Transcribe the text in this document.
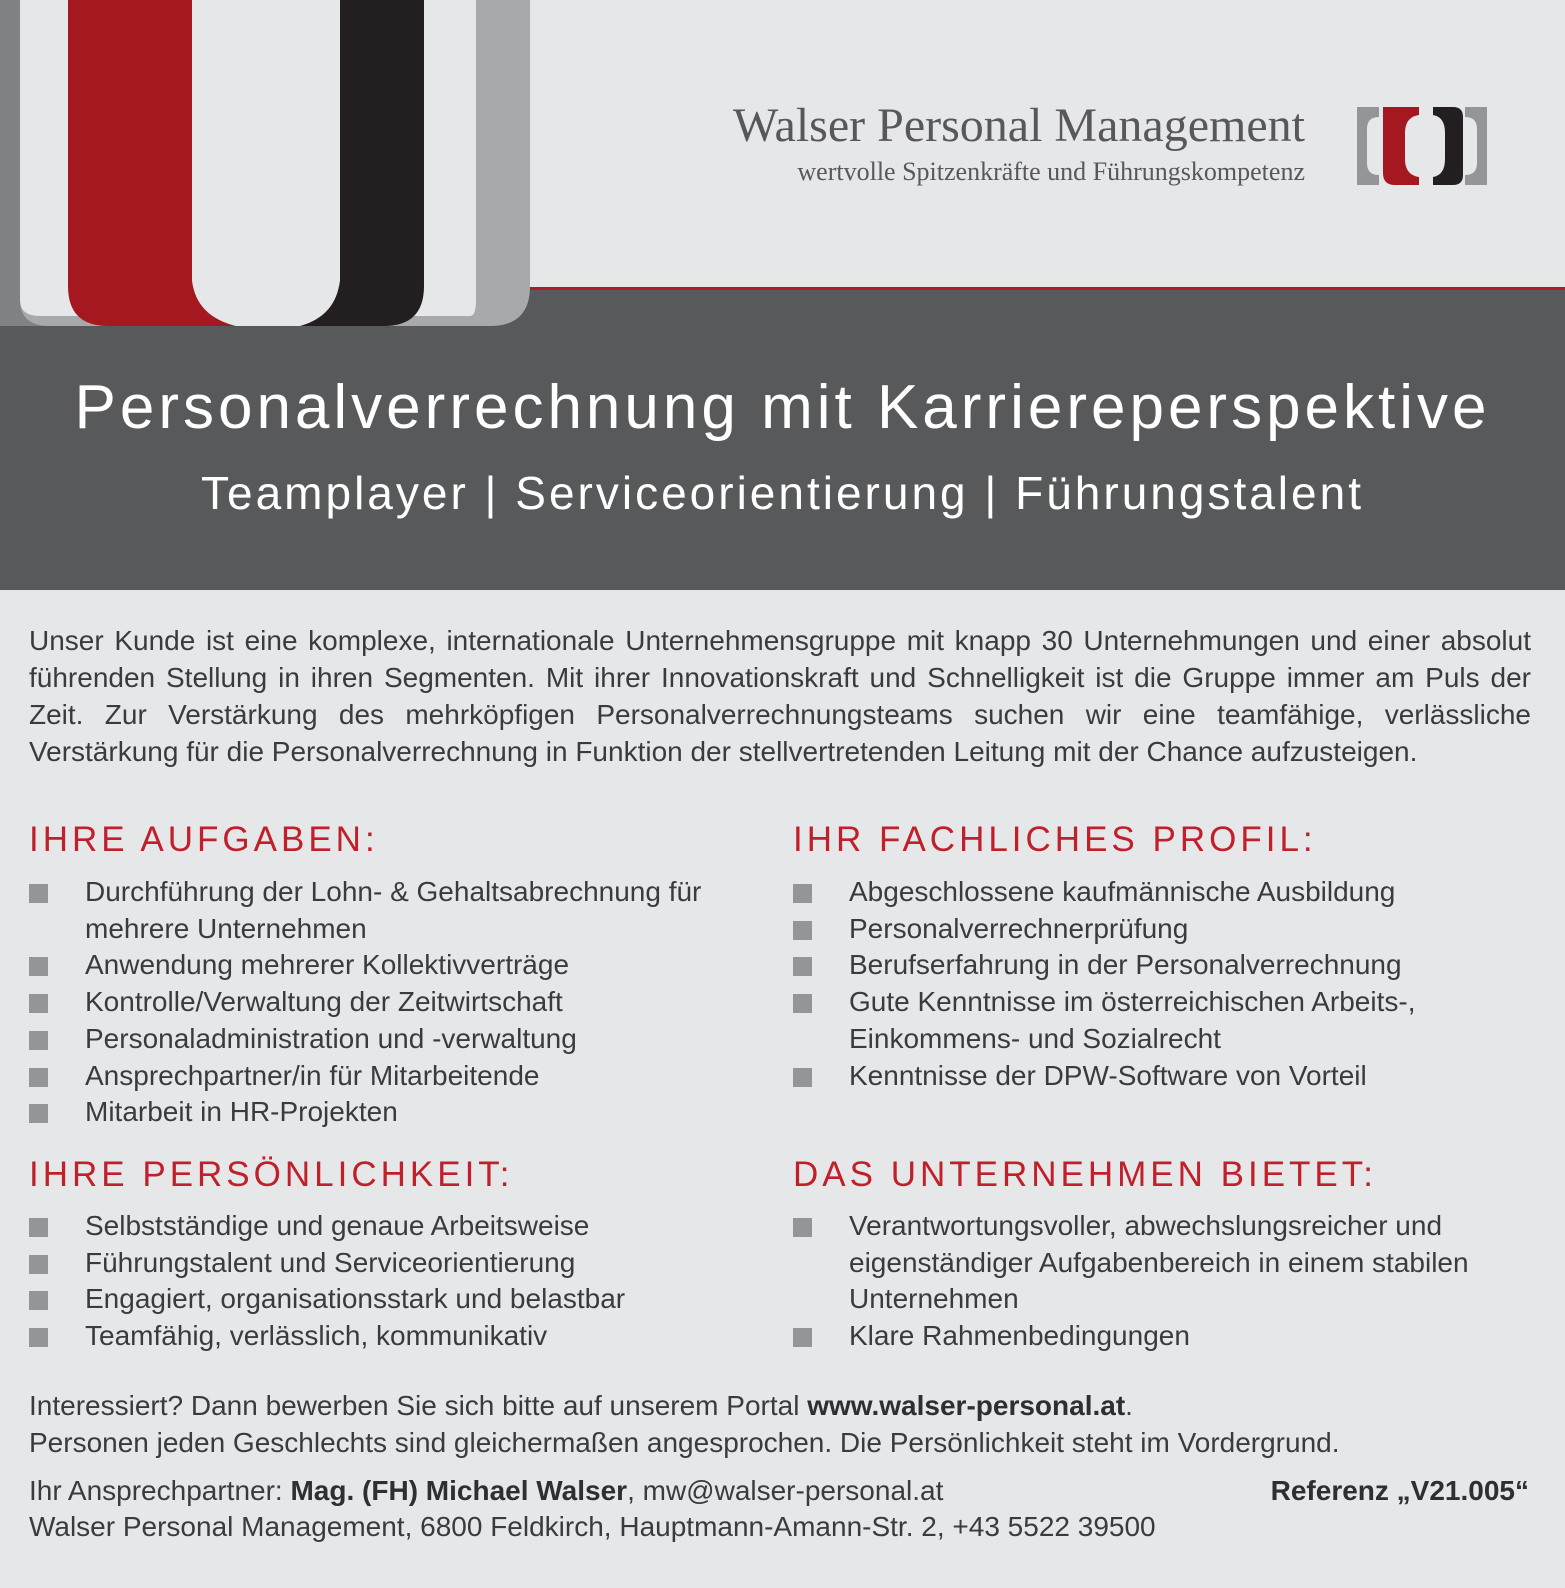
Walser Personal Management
wertvolle Spitzenkräfte und Führungskompetenz
Personalverrechnung mit Karriereperspektive
Teamplayer | Serviceorientierung | Führungstalent
Unser Kunde ist eine komplexe, internationale Unternehmensgruppe mit knapp 30 Unternehmungen und einer absolut führenden Stellung in ihren Segmenten. Mit ihrer Innovationskraft und Schnelligkeit ist die Gruppe immer am Puls der Zeit. Zur Verstärkung des mehrköpfigen Personalverrechnungsteams suchen wir eine teamfähige, verlässliche Verstärkung für die Personalverrechnung in Funktion der stellvertretenden Leitung mit der Chance aufzusteigen.
IHRE AUFGABEN:
Durchführung der Lohn- & Gehaltsabrechnung für mehrere Unternehmen
Anwendung mehrerer Kollektivverträge
Kontrolle/Verwaltung der Zeitwirtschaft
Personaladministration und -verwaltung
Ansprechpartner/in für Mitarbeitende
Mitarbeit in HR-Projekten
IHR FACHLICHES PROFIL:
Abgeschlossene kaufmännische Ausbildung
Personalverrechnerprüfung
Berufserfahrung in der Personalverrechnung
Gute Kenntnisse im österreichischen Arbeits-, Einkommens- und Sozialrecht
Kenntnisse der DPW-Software von Vorteil
IHRE PERSÖNLICHKEIT:
Selbstständige und genaue Arbeitsweise
Führungstalent und Serviceorientierung
Engagiert, organisationsstark und belastbar
Teamfähig, verlässlich, kommunikativ
DAS UNTERNEHMEN BIETET:
Verantwortungsvoller, abwechslungsreicher und eigenständiger Aufgabenbereich in einem stabilen Unternehmen
Klare Rahmenbedingungen
Interessiert? Dann bewerben Sie sich bitte auf unserem Portal www.walser-personal.at.
Personen jeden Geschlechts sind gleichermaßen angesprochen. Die Persönlichkeit steht im Vordergrund.
Ihr Ansprechpartner: Mag. (FH) Michael Walser, mw@walser-personal.at	Referenz „V21.005“
Walser Personal Management, 6800 Feldkirch, Hauptmann-Amann-Str. 2, +43 5522 39500
